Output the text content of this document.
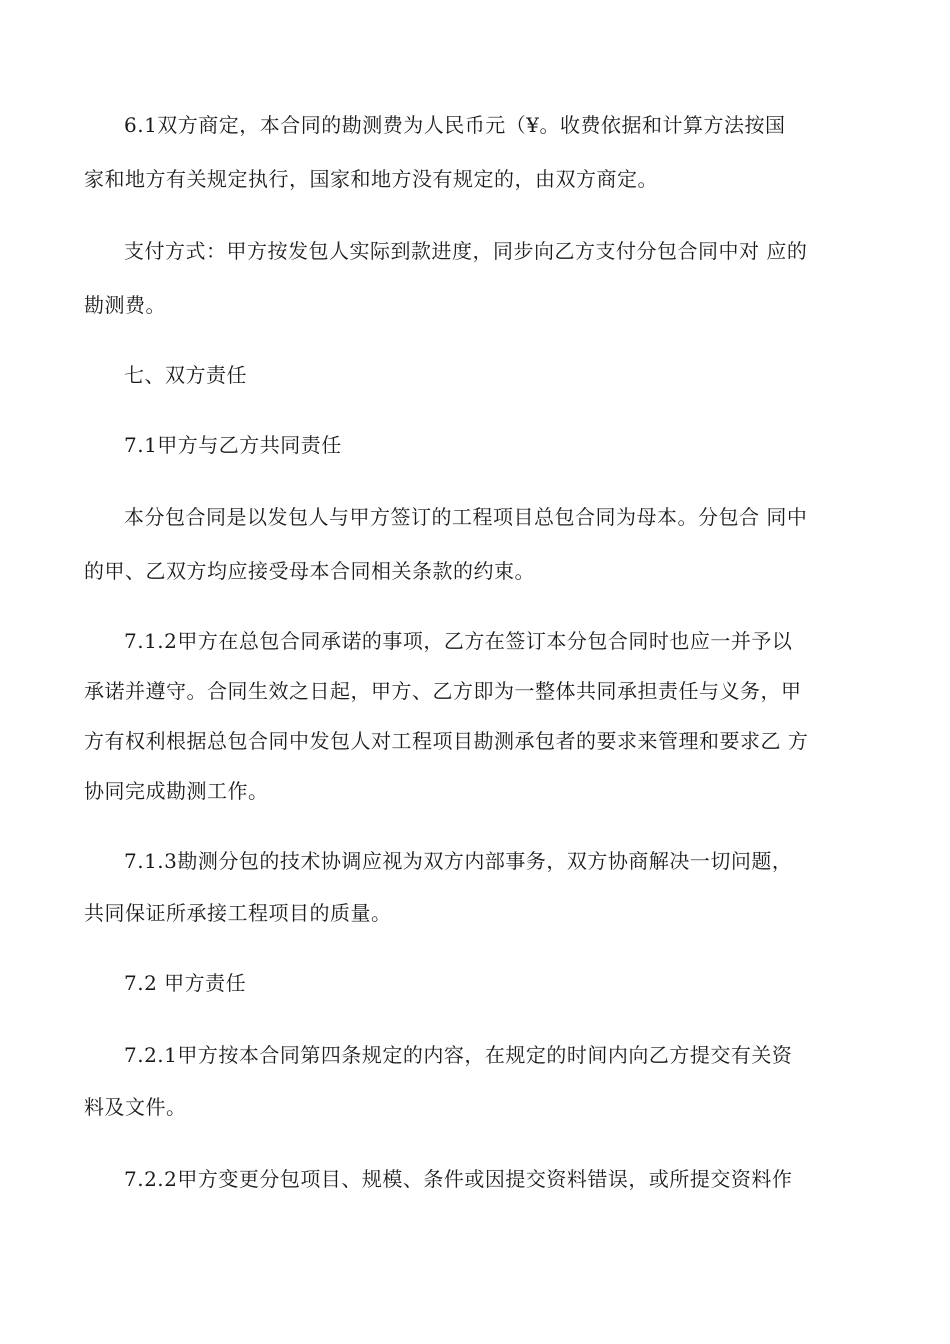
6.1双方商定，本合同的勘测费为人民币元（¥。收费依据和计算方法按国
家和地方有关规定执行，国家和地方没有规定的，由双方商定。
支付方式：甲方按发包人实际到款进度，同步向乙方支付分包合同中对 应的
勘测费。
七、双方责任
7.1甲方与乙方共同责任
本分包合同是以发包人与甲方签订的工程项目总包合同为母本。分包合 同中
的甲、乙双方均应接受母本合同相关条款的约束。
7.1.2甲方在总包合同承诺的事项，乙方在签订本分包合同时也应一并予以
承诺并遵守。合同生效之日起，甲方、乙方即为一整体共同承担责任与义务，甲
方有权利根据总包合同中发包人对工程项目勘测承包者的要求来管理和要求乙 方
协同完成勘测工作。
7.1.3勘测分包的技术协调应视为双方内部事务，双方协商解决一切问题，
共同保证所承接工程项目的质量。
7.2 甲方责任
7.2.1甲方按本合同第四条规定的内容，在规定的时间内向乙方提交有关资
料及文件。
7.2.2甲方变更分包项目、规模、条件或因提交资料错误，或所提交资料作
